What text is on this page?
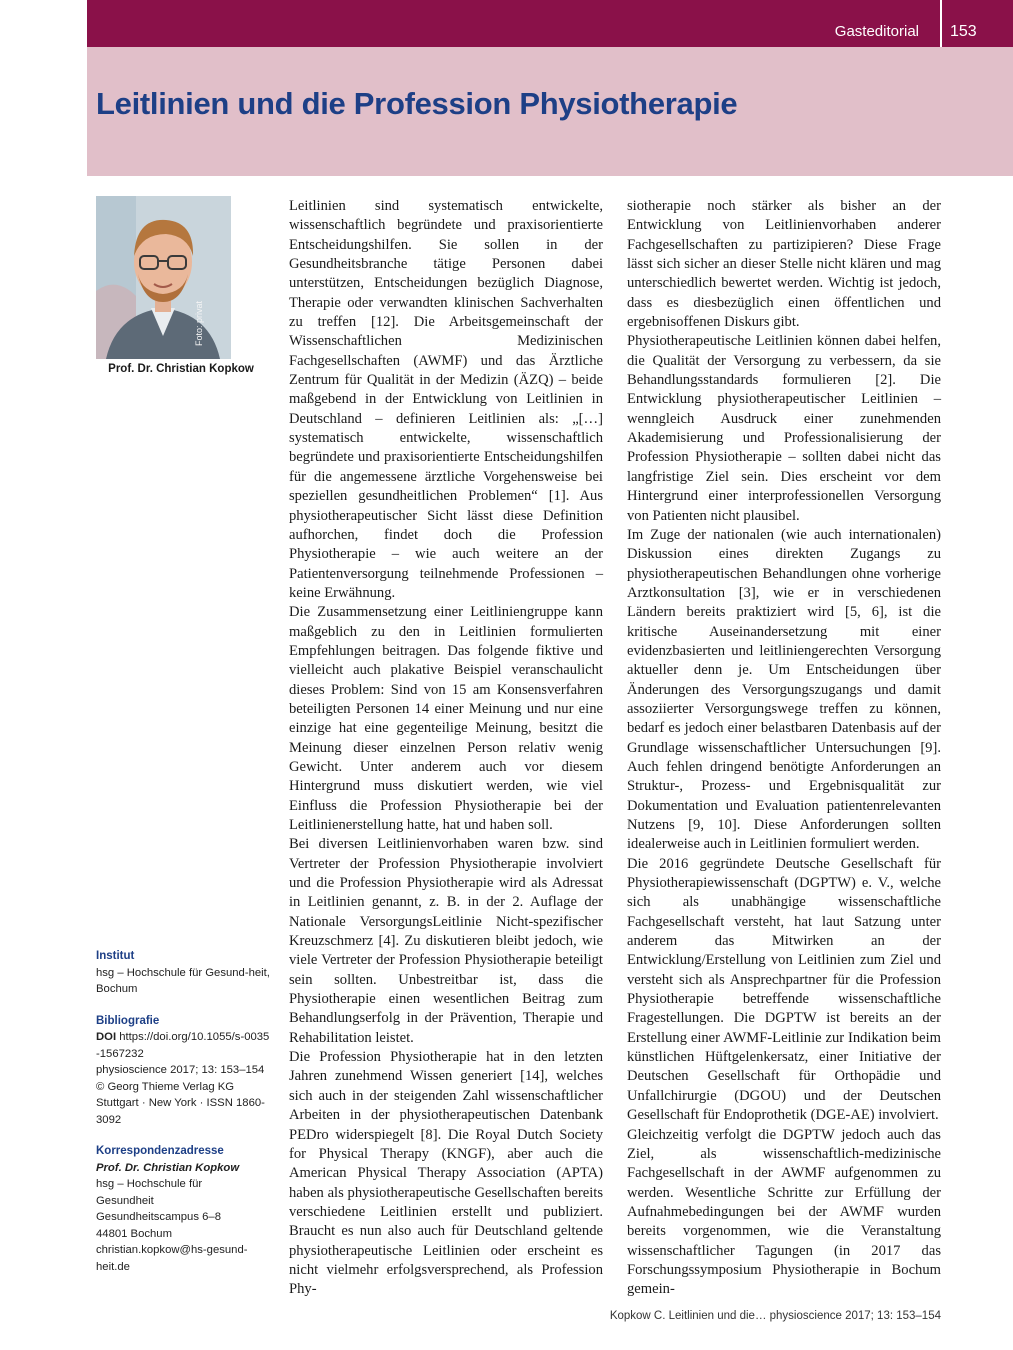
Gasteditorial	153
Leitlinien und die Profession Physiotherapie
Foto: privat
Prof. Dr. Christian Kopkow
Institut

hsg – Hochschule für Gesund-heit, Bochum

Bibliografie

DOI https://doi.org/10.1055/s-0035-1567232

physioscience 2017; 13: 153–154 © Georg Thieme Verlag KG Stuttgart · New York · ISSN 1860-3092

Korrespondenzadresse

Prof. Dr. Christian Kopkow

hsg – Hochschule für

Gesundheit

Gesundheitscampus 6–8

44801 Bochum

christian.kopkow@hs-gesund-heit.de

Leitlinien sind systematisch entwickelte, wissenschaftlich begründete und praxisorientierte Entscheidungshilfen. Sie sollen in der Gesundheitsbranche tätige Personen dabei unterstützen, Entscheidungen bezüglich Diagnose, Therapie oder verwandten klinischen Sachverhalten zu treffen [12]. Die Arbeitsgemeinschaft der Wissenschaftlichen Medizinischen Fachgesellschaften (AWMF) und das Ärztliche Zentrum für Qualität in der Medizin (ÄZQ) – beide maßgebend in der Entwicklung von Leitlinien in Deutschland – definieren Leitlinien als: „[…] systematisch entwickelte, wissenschaftlich begründete und praxisorientierte Entscheidungshilfen für die angemessene ärztliche Vorgehensweise bei speziellen gesundheitlichen Problemen“ [1]. Aus physiotherapeutischer Sicht lässt diese Definition aufhorchen, findet doch die Profession Physiotherapie – wie auch weitere an der Patientenversorgung teilnehmende Professionen – keine Erwähnung.

Die Zusammensetzung einer Leitliniengruppe kann maßgeblich zu den in Leitlinien formulierten Empfehlungen beitragen. Das folgende fiktive und vielleicht auch plakative Beispiel veranschaulicht dieses Problem: Sind von 15 am Konsensverfahren beteiligten Personen 14 einer Meinung und nur eine einzige hat eine gegenteilige Meinung, besitzt die Meinung dieser einzelnen Person relativ wenig Gewicht. Unter anderem auch vor diesem Hintergrund muss diskutiert werden, wie viel Einfluss die Profession Physiotherapie bei der Leitlinienerstellung hatte, hat und haben soll.

Bei diversen Leitlinienvorhaben waren bzw. sind Vertreter der Profession Physiotherapie involviert und die Profession Physiotherapie wird als Adressat in Leitlinien genannt, z. B. in der 2. Auflage der Nationale VersorgungsLeitlinie Nicht-spezifischer Kreuzschmerz [4]. Zu diskutieren bleibt jedoch, wie viele Vertreter der Profession Physiotherapie beteiligt sein sollten. Unbestreitbar ist, dass die Physiotherapie einen wesentlichen Beitrag zum Behandlungserfolg in der Prävention, Therapie und Rehabilitation leistet.

Die Profession Physiotherapie hat in den letzten Jahren zunehmend Wissen generiert [14], welches sich auch in der steigenden Zahl wissenschaftlicher Arbeiten in der physiotherapeutischen Datenbank PEDro widerspiegelt [8]. Die Royal Dutch Society for Physical Therapy (KNGF), aber auch die American Physical Therapy Association (APTA) haben als physiotherapeutische Gesellschaften bereits verschiedene Leitlinien erstellt und publiziert. Braucht es nun also auch für Deutschland geltende physiotherapeutische Leitlinien oder erscheint es nicht vielmehr erfolgsversprechend, als Profession Phy-

siotherapie noch stärker als bisher an der Entwicklung von Leitlinienvorhaben anderer Fachgesellschaften zu partizipieren? Diese Frage lässt sich sicher an dieser Stelle nicht klären und mag unterschiedlich bewertet werden. Wichtig ist jedoch, dass es diesbezüglich einen öffentlichen und ergebnisoffenen Diskurs gibt.

Physiotherapeutische Leitlinien können dabei helfen, die Qualität der Versorgung zu verbessern, da sie Behandlungsstandards formulieren [2]. Die Entwicklung physiotherapeutischer Leitlinien – wenngleich Ausdruck einer zunehmenden Akademisierung und Professionalisierung der Profession Physiotherapie – sollten dabei nicht das langfristige Ziel sein. Dies erscheint vor dem Hintergrund einer interprofessionellen Versorgung von Patienten nicht plausibel.

Im Zuge der nationalen (wie auch internationalen) Diskussion eines direkten Zugangs zu physiotherapeutischen Behandlungen ohne vorherige Arztkonsultation [3], wie er in verschiedenen Ländern bereits praktiziert wird [5, 6], ist die kritische Auseinandersetzung mit einer evidenzbasierten und leitliniengerechten Versorgung aktueller denn je. Um Entscheidungen über Änderungen des Versorgungszugangs und damit assoziierter Versorgungswege treffen zu können, bedarf es jedoch einer belastbaren Datenbasis auf der Grundlage wissenschaftlicher Untersuchungen [9]. Auch fehlen dringend benötigte Anforderungen an Struktur-, Prozess- und Ergebnisqualität zur Dokumentation und Evaluation patientenrelevanten Nutzens [9, 10]. Diese Anforderungen sollten idealerweise auch in Leitlinien formuliert werden.

Die 2016 gegründete Deutsche Gesellschaft für Physiotherapiewissenschaft (DGPTW) e. V., welche sich als unabhängige wissenschaftliche Fachgesellschaft versteht, hat laut Satzung unter anderem das Mitwirken an der Entwicklung/Erstellung von Leitlinien zum Ziel und versteht sich als Ansprechpartner für die Profession Physiotherapie betreffende wissenschaftliche Fragestellungen. Die DGPTW ist bereits an der Erstellung einer AWMF-Leitlinie zur Indikation beim künstlichen Hüftgelenkersatz, einer Initiative der Deutschen Gesellschaft für Orthopädie und Unfallchirurgie (DGOU) und der Deutschen Gesellschaft für Endoprothetik (DGE-AE) involviert.

Gleichzeitig verfolgt die DGPTW jedoch auch das Ziel, als wissenschaftlich-medizinische Fachgesellschaft in der AWMF aufgenommen zu werden. Wesentliche Schritte zur Erfüllung der Aufnahmebedingungen bei der AWMF wurden bereits vorgenommen, wie die Veranstaltung wissenschaftlicher Tagungen (in 2017 das Forschungssymposium Physiotherapie in Bochum gemein-

Kopkow C. Leitlinien und die… physioscience 2017; 13: 153–154
